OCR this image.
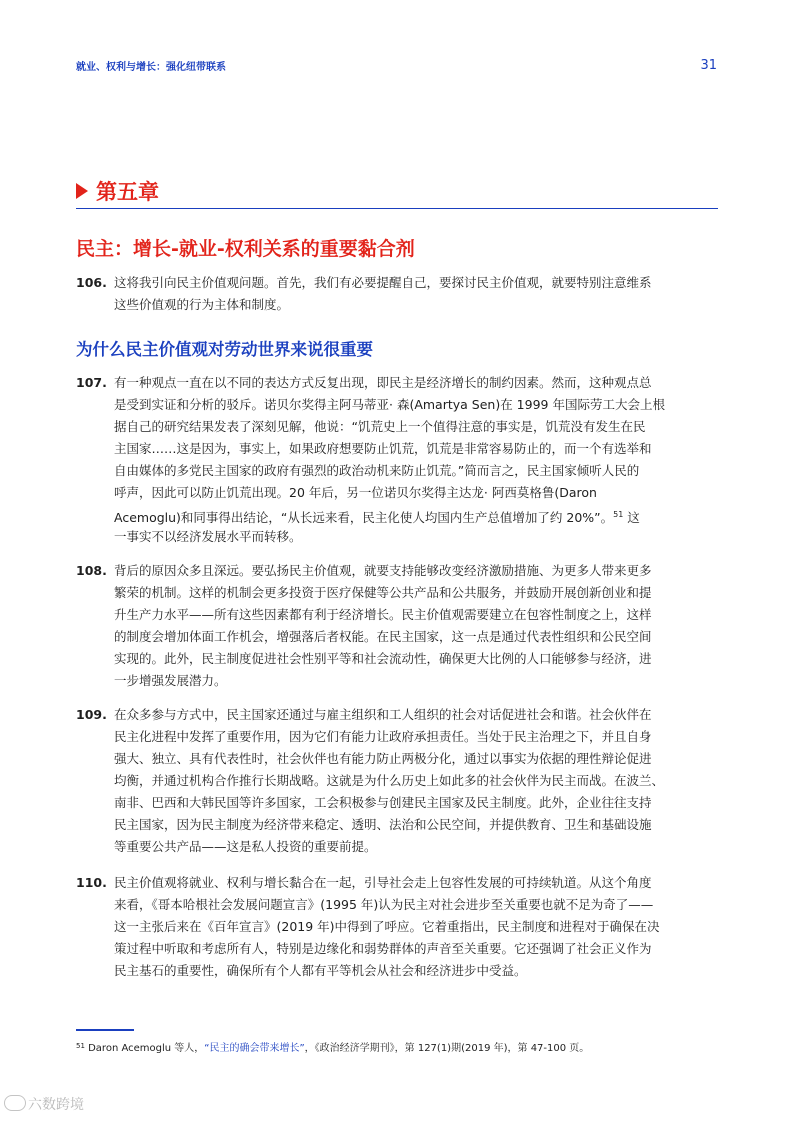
就业、权利与增长：强化纽带联系	31
第五章
民主：增长-就业-权利关系的重要黏合剂
106. 这将我引向民主价值观问题。首先，我们有必要提醒自己，要探讨民主价值观，就要特别注意维系
这些价值观的行为主体和制度。
为什么民主价值观对劳动世界来说很重要
107. 有一种观点一直在以不同的表达方式反复出现，即民主是经济增长的制约因素。然而，这种观点总
是受到实证和分析的驳斥。诺贝尔奖得主阿马蒂亚· 森(Amartya Sen)在 1999 年国际劳工大会上根
据自己的研究结果发表了深刻见解，他说：“饥荒史上一个值得注意的事实是，饥荒没有发生在民
主国家……这是因为，事实上，如果政府想要防止饥荒，饥荒是非常容易防止的，而一个有选举和
自由媒体的多党民主国家的政府有强烈的政治动机来防止饥荒。”简而言之，民主国家倾听人民的
呼声，因此可以防止饥荒出现。20 年后，另一位诺贝尔奖得主达龙· 阿西莫格鲁(Daron
Acemoglu)和同事得出结论，“从长远来看，民主化使人均国内生产总值增加了约 20%”。$^{51}$ 这
一事实不以经济发展水平而转移。
108. 背后的原因众多且深远。要弘扬民主价值观，就要支持能够改变经济激励措施、为更多人带来更多
繁荣的机制。这样的机制会更多投资于医疗保健等公共产品和公共服务，并鼓励开展创新创业和提
升生产力水平——所有这些因素都有利于经济增长。民主价值观需要建立在包容性制度之上，这样
的制度会增加体面工作机会，增强落后者权能。在民主国家，这一点是通过代表性组织和公民空间
实现的。此外，民主制度促进社会性别平等和社会流动性，确保更大比例的人口能够参与经济，进
一步增强发展潜力。
109. 在众多参与方式中，民主国家还通过与雇主组织和工人组织的社会对话促进社会和谐。社会伙伴在
民主化进程中发挥了重要作用，因为它们有能力让政府承担责任。当处于民主治理之下，并且自身
强大、独立、具有代表性时，社会伙伴也有能力防止两极分化，通过以事实为依据的理性辩论促进
均衡，并通过机构合作推行长期战略。这就是为什么历史上如此多的社会伙伴为民主而战。在波兰、
南非、巴西和大韩民国等许多国家，工会积极参与创建民主国家及民主制度。此外，企业往往支持
民主国家，因为民主制度为经济带来稳定、透明、法治和公民空间，并提供教育、卫生和基础设施
等重要公共产品——这是私人投资的重要前提。
110. 民主价值观将就业、权利与增长黏合在一起，引导社会走上包容性发展的可持续轨道。从这个角度
来看，《哥本哈根社会发展问题宣言》(1995 年)认为民主对社会进步至关重要也就不足为奇了——
这一主张后来在《百年宣言》(2019 年)中得到了呼应。它着重指出，民主制度和进程对于确保在决
策过程中听取和考虑所有人，特别是边缘化和弱势群体的声音至关重要。它还强调了社会正义作为
民主基石的重要性，确保所有个人都有平等机会从社会和经济进步中受益。
$^{51}$ Daron Acemoglu 等人，“民主的确会带来增长”，《政治经济学期刊》，第 127(1)期(2019 年)，第 47-100 页。
六数跨境
